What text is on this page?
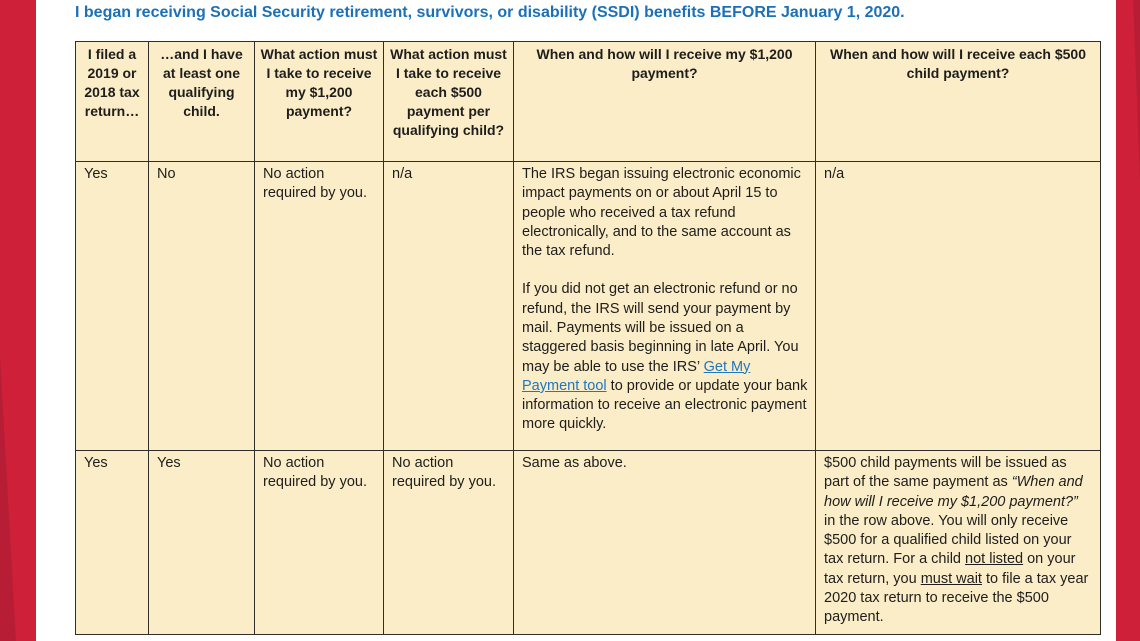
I began receiving Social Security retirement, survivors, or disability (SSDI) benefits BEFORE January 1, 2020.
I filed a 2019 or 2018 tax return…	…and I have at least one qualifying child.	What action must I take to receive my $1,200 payment?	What action must I take to receive each $500 payment per qualifying child?	When and how will I receive my $1,200 payment?	When and how will I receive each $500 child payment?
Yes	No	No action required by you.	n/a	The IRS began issuing electronic economic impact payments on or about April 15 to people who received a tax refund electronically, and to the same account as the tax refund.
If you did not get an electronic refund or no refund, the IRS will send your payment by mail. Payments will be issued on a staggered basis beginning in late April. You may be able to use the IRS’ Get My Payment tool to provide or update your bank information to receive an electronic payment more quickly.	n/a
Yes	Yes	No action required by you.	No action required by you.	Same as above.	$500 child payments will be issued as part of the same payment as “When and how will I receive my $1,200 payment?” in the row above. You will only receive $500 for a qualified child listed on your tax return. For a child not listed on your tax return, you must wait to file a tax year 2020 tax return to receive the $500 payment.
